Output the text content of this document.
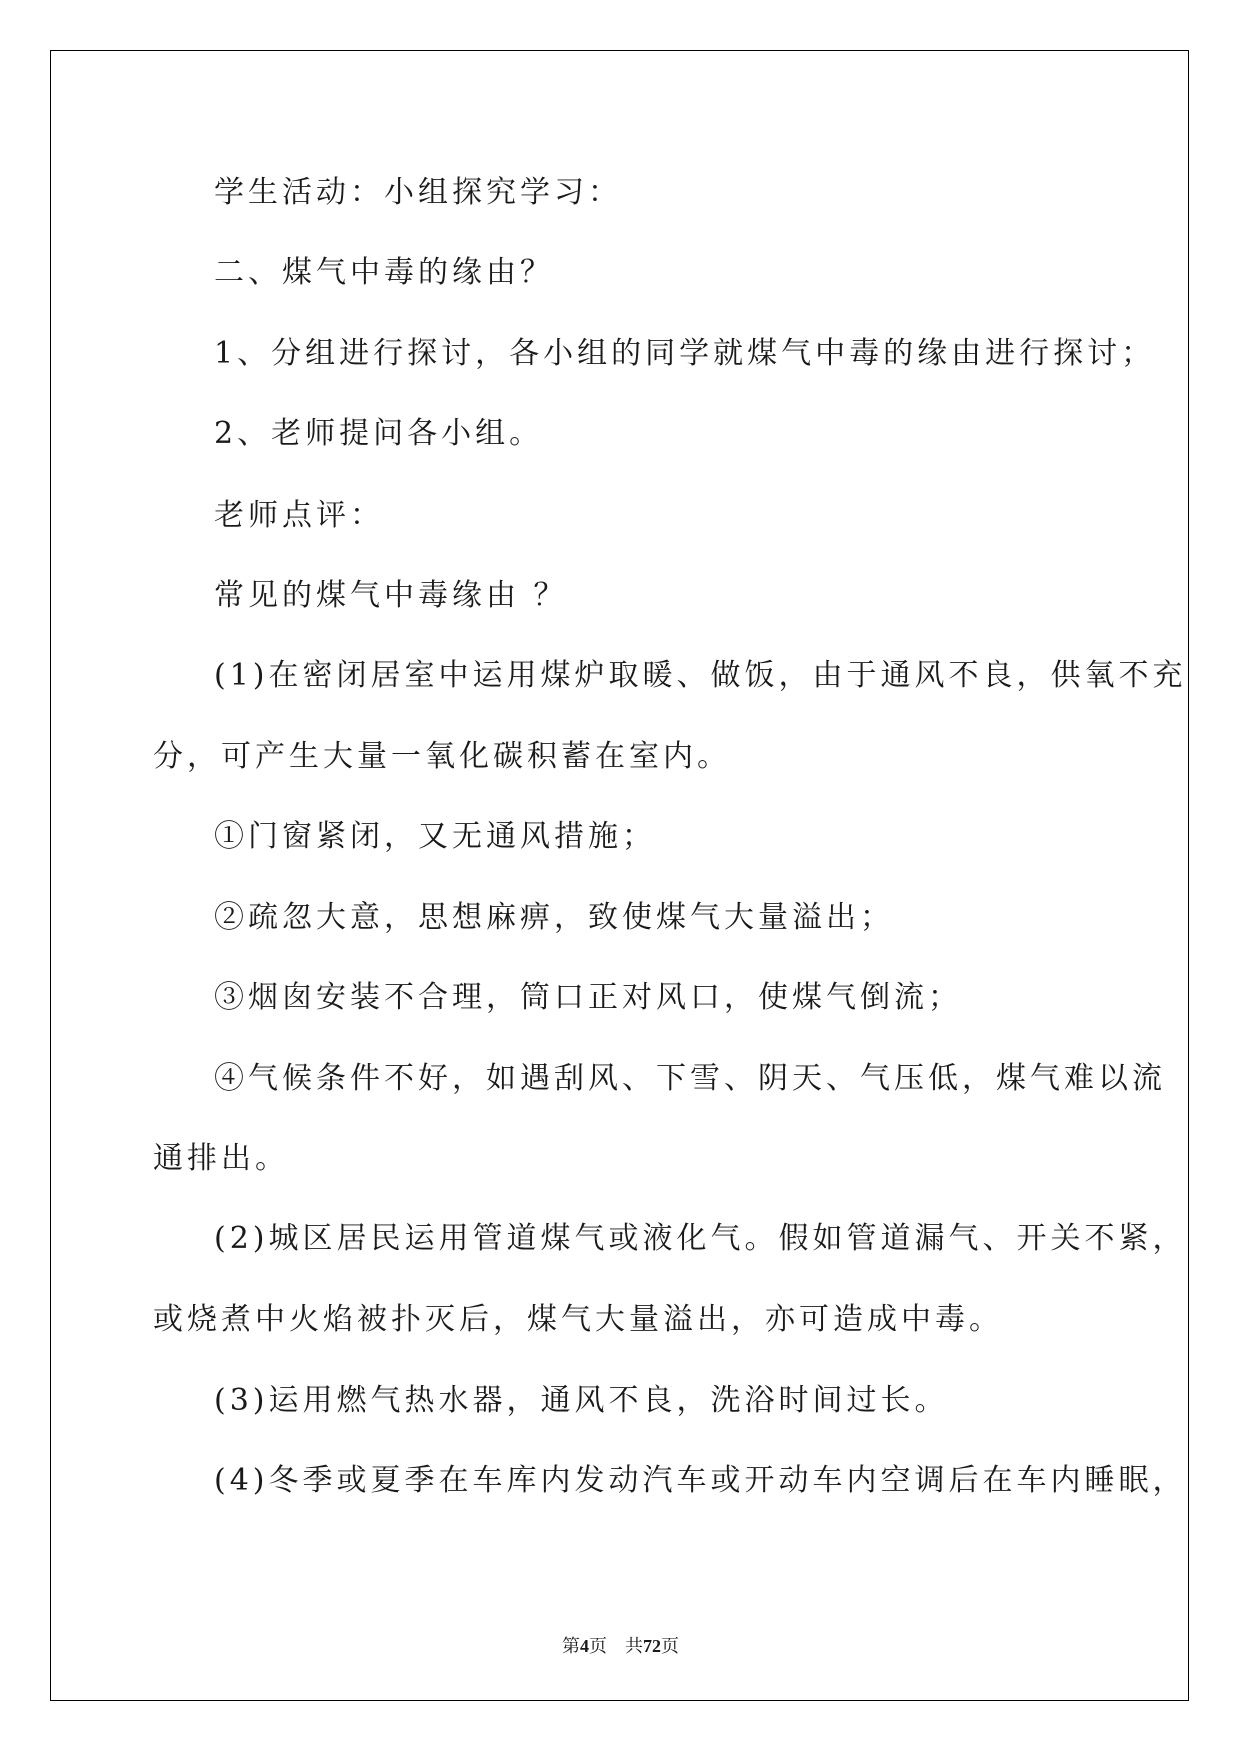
学生活动：小组探究学习：
二、煤气中毒的缘由？
1、分组进行探讨，各小组的同学就煤气中毒的缘由进行探讨；
2、老师提问各小组。
老师点评：
常见的煤气中毒缘由 ？
(1)在密闭居室中运用煤炉取暖、做饭，由于通风不良，供氧不充
分，可产生大量一氧化碳积蓄在室内。
①门窗紧闭，又无通风措施；
②疏忽大意，思想麻痹，致使煤气大量溢出；
③烟囱安装不合理，筒口正对风口，使煤气倒流；
④气候条件不好，如遇刮风、下雪、阴天、气压低，煤气难以流
通排出。
(2)城区居民运用管道煤气或液化气。假如管道漏气、开关不紧，
或烧煮中火焰被扑灭后，煤气大量溢出，亦可造成中毒。
(3)运用燃气热水器，通风不良，洗浴时间过长。
(4)冬季或夏季在车库内发动汽车或开动车内空调后在车内睡眠，
第4页 共72页
